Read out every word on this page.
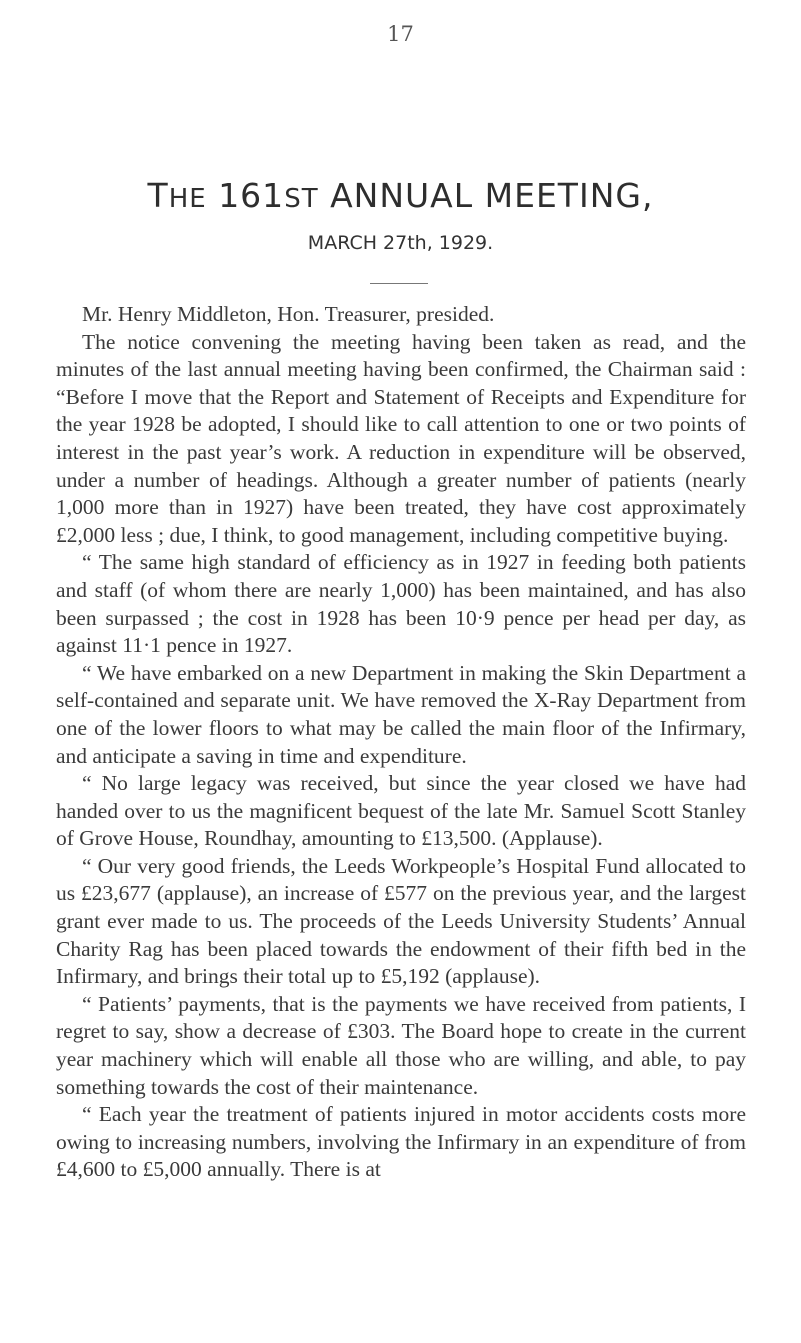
17
THE 161ST ANNUAL MEETING,
MARCH 27th, 1929.

Mr. Henry Middleton, Hon. Treasurer, presided.

The notice convening the meeting having been taken as read, and the minutes of the last annual meeting having been confirmed, the Chairman said : “Before I move that the Report and Statement of Receipts and Expenditure for the year 1928 be adopted, I should like to call attention to one or two points of interest in the past year’s work. A reduction in expenditure will be observed, under a number of headings. Although a greater number of patients (nearly 1,000 more than in 1927) have been treated, they have cost approximately £2,000 less ; due, I think, to good management, including competitive buying.

“ The same high standard of efficiency as in 1927 in feeding both patients and staff (of whom there are nearly 1,000) has been maintained, and has also been surpassed ; the cost in 1928 has been 10·9 pence per head per day, as against 11·1 pence in 1927.

“ We have embarked on a new Department in making the Skin Department a self-contained and separate unit. We have removed the X-Ray Department from one of the lower floors to what may be called the main floor of the Infirmary, and anticipate a saving in time and expenditure.

“ No large legacy was received, but since the year closed we have had handed over to us the magnificent bequest of the late Mr. Samuel Scott Stanley of Grove House, Roundhay, amounting to £13,500. (Applause).

“ Our very good friends, the Leeds Workpeople’s Hospital Fund allocated to us £23,677 (applause), an increase of £577 on the previous year, and the largest grant ever made to us. The proceeds of the Leeds University Students’ Annual Charity Rag has been placed towards the endowment of their fifth bed in the Infirmary, and brings their total up to £5,192 (applause).

“ Patients’ payments, that is the payments we have received from patients, I regret to say, show a decrease of £303. The Board hope to create in the current year machinery which will enable all those who are willing, and able, to pay something towards the cost of their maintenance.

“ Each year the treatment of patients injured in motor accidents costs more owing to increasing numbers, involving the Infirmary in an expenditure of from £4,600 to £5,000 annually. There is at
